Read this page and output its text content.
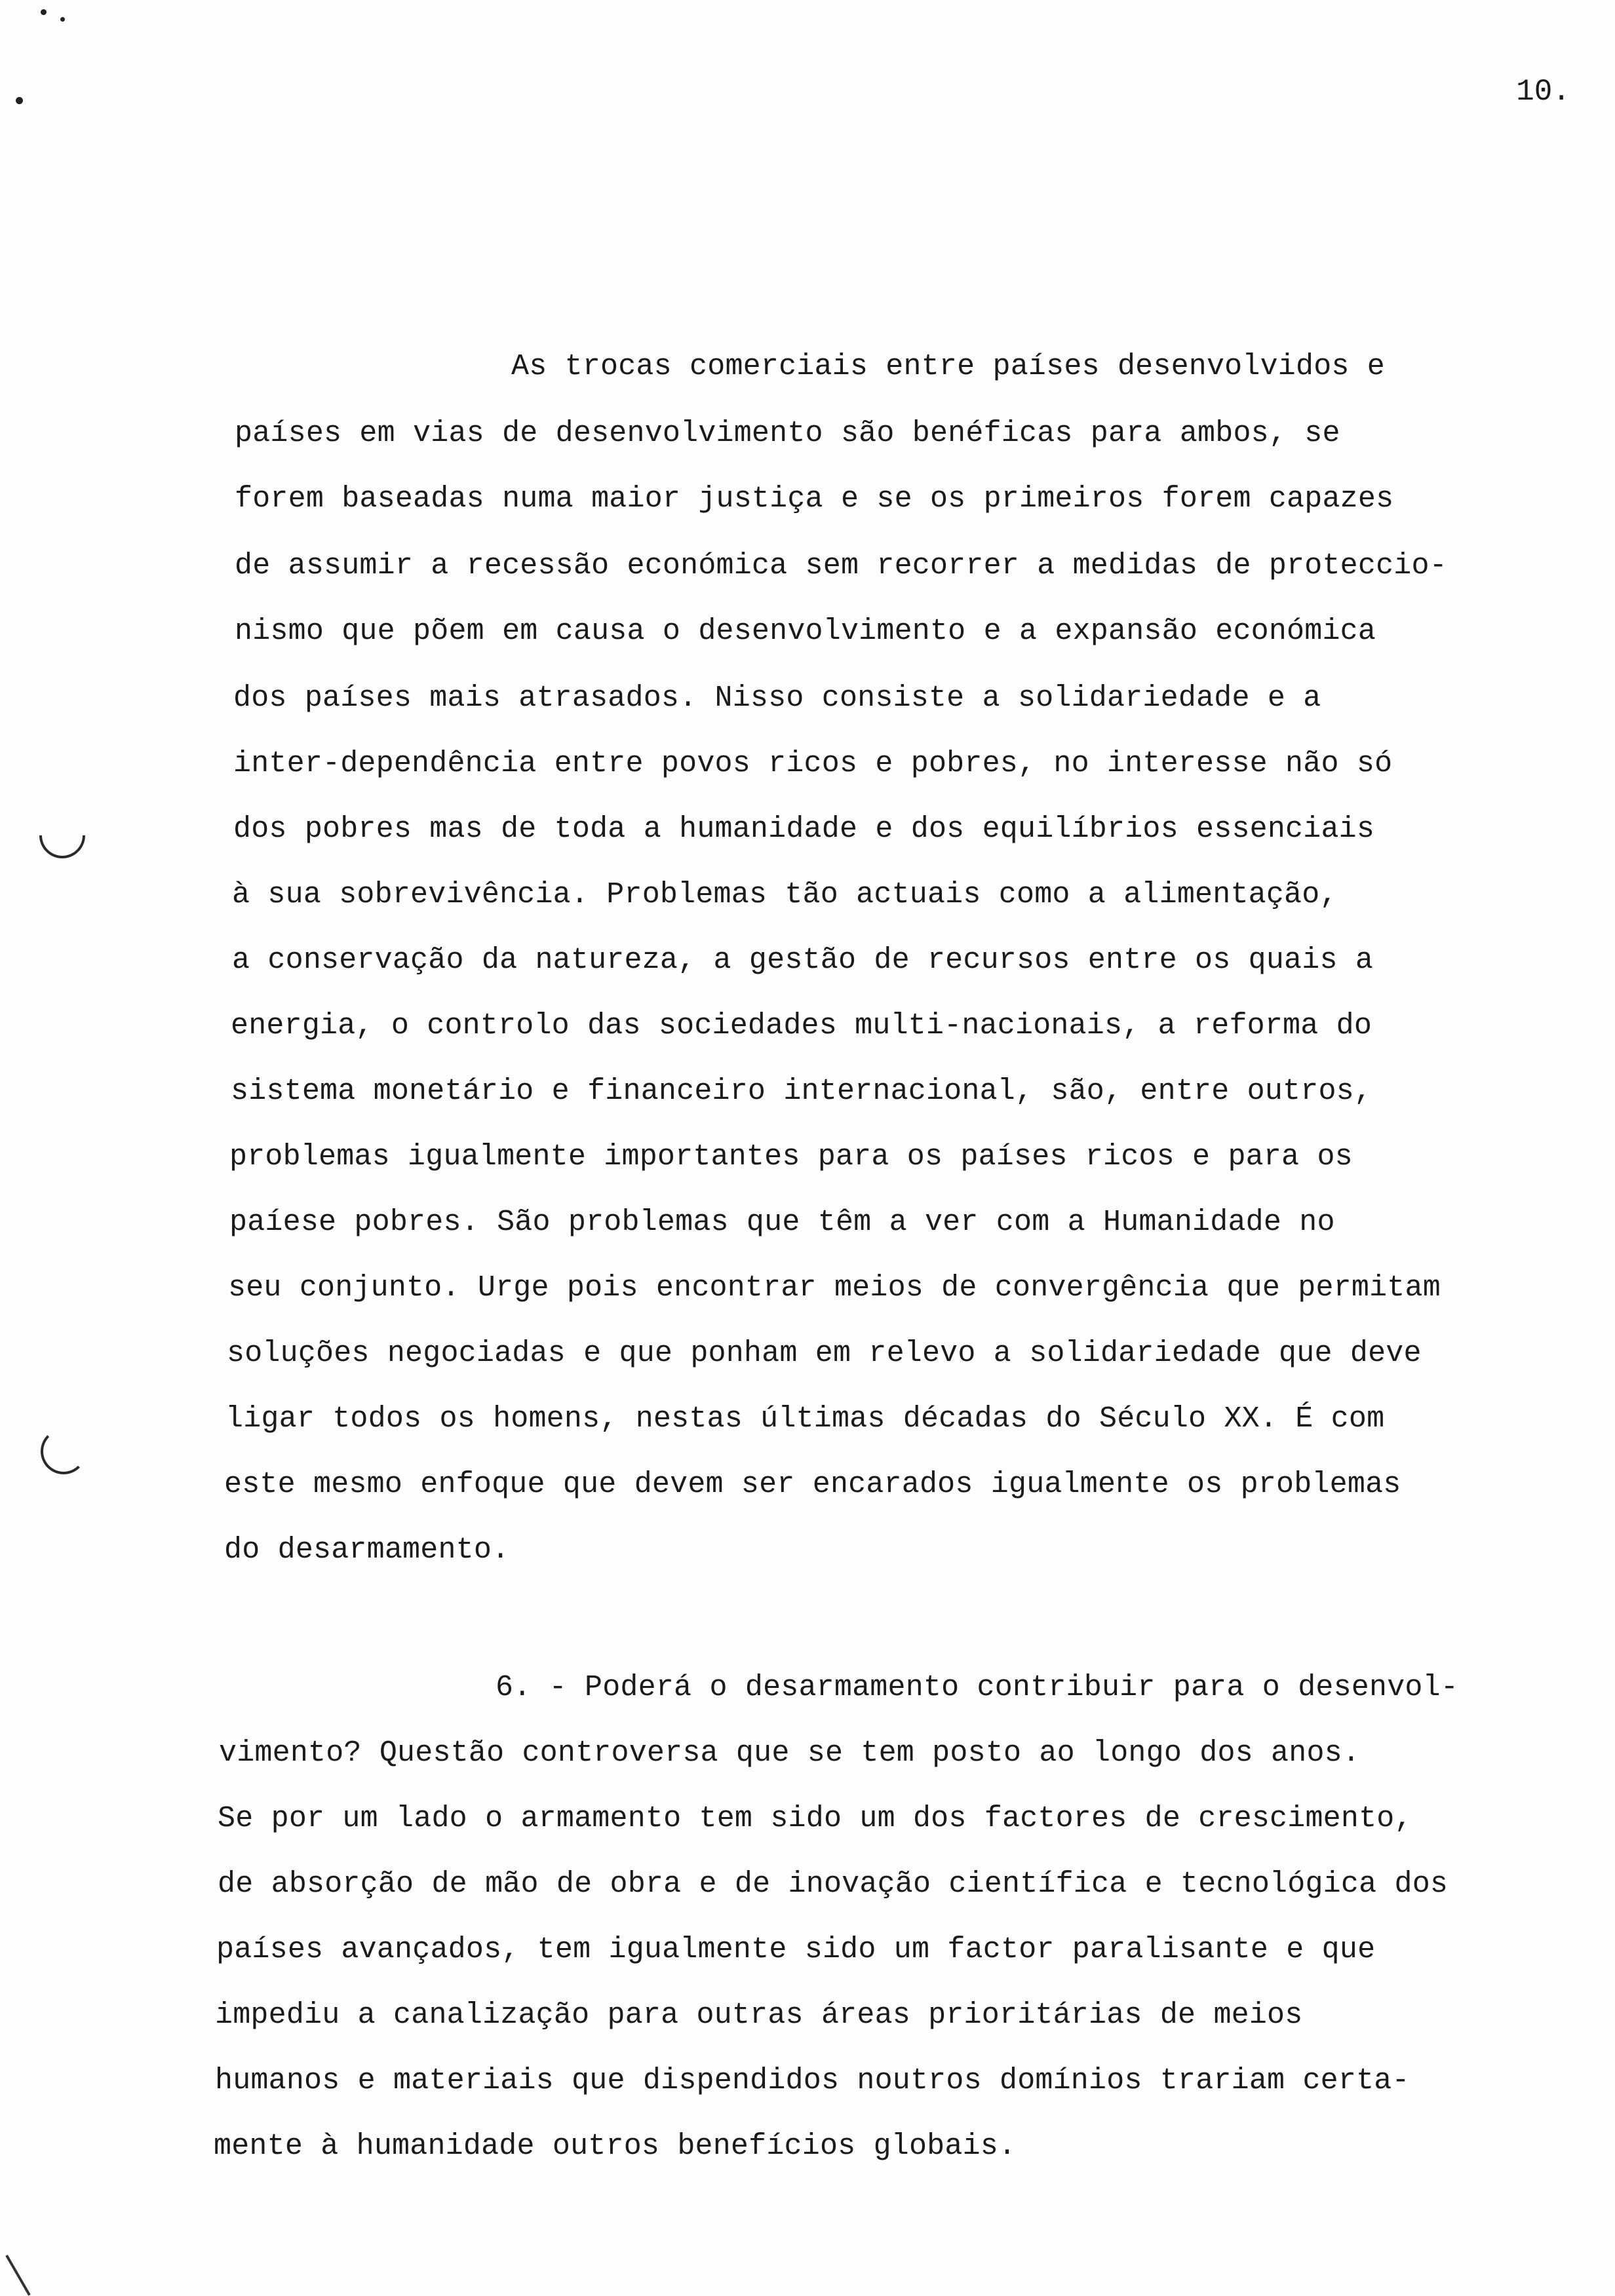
10.
As trocas comerciais entre países desenvolvidos e
países em vias de desenvolvimento são benéficas para ambos, se
forem baseadas numa maior justiça e se os primeiros forem capazes
de assumir a recessão económica sem recorrer a medidas de proteccio-
nismo que põem em causa o desenvolvimento e a expansão económica
dos países mais atrasados. Nisso consiste a solidariedade e a
inter-dependência entre povos ricos e pobres, no interesse não só
dos pobres mas de toda a humanidade e dos equilíbrios essenciais
à sua sobrevivência. Problemas tão actuais como a alimentação,
a conservação da natureza, a gestão de recursos entre os quais a
energia, o controlo das sociedades multi-nacionais, a reforma do
sistema monetário e financeiro internacional, são, entre outros,
problemas igualmente importantes para os países ricos e para os
paíese pobres. São problemas que têm a ver com a Humanidade no
seu conjunto. Urge pois encontrar meios de convergência que permitam
soluções negociadas e que ponham em relevo a solidariedade que deve
ligar todos os homens, nestas últimas décadas do Século XX. É com
este mesmo enfoque que devem ser encarados igualmente os problemas
do desarmamento.
6. - Poderá o desarmamento contribuir para o desenvol-
vimento? Questão controversa que se tem posto ao longo dos anos.
Se por um lado o armamento tem sido um dos factores de crescimento,
de absorção de mão de obra e de inovação científica e tecnológica dos
países avançados, tem igualmente sido um factor paralisante e que
impediu a canalização para outras áreas prioritárias de meios
humanos e materiais que dispendidos noutros domínios trariam certa-
mente à humanidade outros benefícios globais.
